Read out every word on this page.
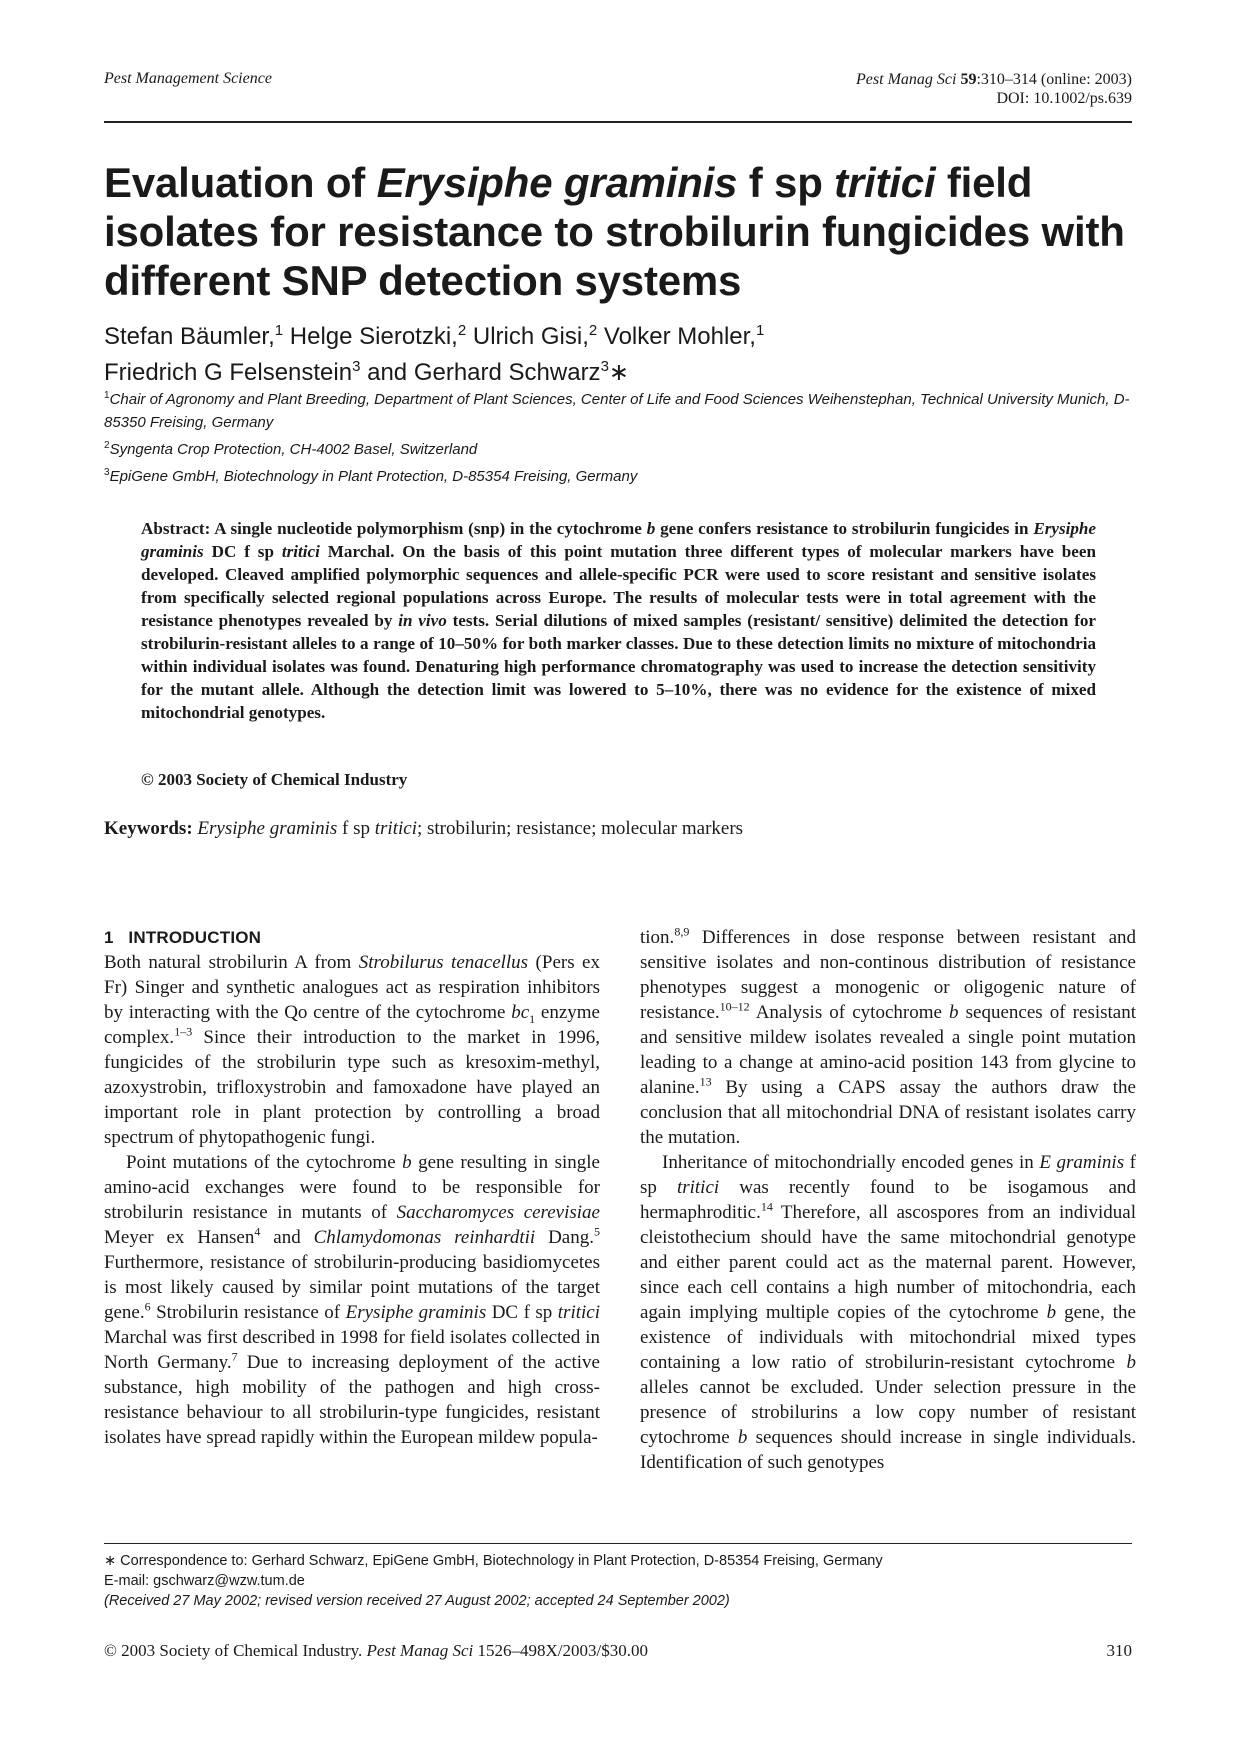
Pest Management Science	Pest Manag Sci 59:310–314 (online: 2003)
DOI: 10.1002/ps.639
Evaluation of Erysiphe graminis f sp tritici field isolates for resistance to strobilurin fungicides with different SNP detection systems
Stefan Bäumler,$^1$ Helge Sierotzki,$^2$ Ulrich Gisi,$^2$ Volker Mohler,$^1$
Friedrich G Felsenstein$^3$ and Gerhard Schwarz$^3$∗
$^1$Chair of Agronomy and Plant Breeding, Department of Plant Sciences, Center of Life and Food Sciences Weihenstephan, Technical University Munich, D-85350 Freising, Germany
$^2$Syngenta Crop Protection, CH-4002 Basel, Switzerland
$^3$EpiGene GmbH, Biotechnology in Plant Protection, D-85354 Freising, Germany

Abstract: A single nucleotide polymorphism (snp) in the cytochrome b gene confers resistance to strobilurin fungicides in Erysiphe graminis DC f sp tritici Marchal. On the basis of this point mutation three different types of molecular markers have been developed. Cleaved amplified polymorphic sequences and allele-specific PCR were used to score resistant and sensitive isolates from specifically selected regional populations across Europe. The results of molecular tests were in total agreement with the resistance phenotypes revealed by in vivo tests. Serial dilutions of mixed samples (resistant/ sensitive) delimited the detection for strobilurin-resistant alleles to a range of 10–50% for both marker classes. Due to these detection limits no mixture of mitochondria within individual isolates was found. Denaturing high performance chromatography was used to increase the detection sensitivity for the mutant allele. Although the detection limit was lowered to 5–10%, there was no evidence for the existence of mixed mitochondrial genotypes.

© 2003 Society of Chemical Industry
Keywords: Erysiphe graminis f sp tritici; strobilurin; resistance; molecular markers
1   INTRODUCTION

Both natural strobilurin A from Strobilurus tenacellus (Pers ex Fr) Singer and synthetic analogues act as respiration inhibitors by interacting with the Qo centre of the cytochrome $bc_1$ enzyme complex.$^{1-3}$ Since their introduction to the market in 1996, fungicides of the strobilurin type such as kresoxim-methyl, azoxystrobin, trifloxystrobin and famoxadone have played an important role in plant protection by controlling a broad spectrum of phytopathogenic fungi.

Point mutations of the cytochrome b gene resulting in single amino-acid exchanges were found to be responsible for strobilurin resistance in mutants of Saccharomyces cerevisiae Meyer ex Hansen$^4$ and Chlamydomonas reinhardtii Dang.$^5$ Furthermore, resistance of strobilurin-producing basidiomycetes is most likely caused by similar point mutations of the target gene.$^6$ Strobilurin resistance of Erysiphe graminis DC f sp tritici Marchal was first described in 1998 for field isolates collected in North Germany.$^7$ Due to increasing deployment of the active substance, high mobility of the pathogen and high cross-resistance behaviour to all strobilurin-type fungicides, resistant isolates have spread rapidly within the European mildew popula-

tion.$^{8,9}$ Differences in dose response between resistant and sensitive isolates and non-continous distribution of resistance phenotypes suggest a monogenic or oligogenic nature of resistance.$^{10-12}$ Analysis of cytochrome b sequences of resistant and sensitive mildew isolates revealed a single point mutation leading to a change at amino-acid position 143 from glycine to alanine.$^{13}$ By using a CAPS assay the authors draw the conclusion that all mitochondrial DNA of resistant isolates carry the mutation.

Inheritance of mitochondrially encoded genes in E graminis f sp tritici was recently found to be isogamous and hermaphroditic.$^{14}$ Therefore, all ascospores from an individual cleistothecium should have the same mitochondrial genotype and either parent could act as the maternal parent. However, since each cell contains a high number of mitochondria, each again implying multiple copies of the cytochrome b gene, the existence of individuals with mitochondrial mixed types containing a low ratio of strobilurin-resistant cytochrome b alleles cannot be excluded. Under selection pressure in the presence of strobilurins a low copy number of resistant cytochrome b sequences should increase in single individuals. Identification of such genotypes

∗ Correspondence to: Gerhard Schwarz, EpiGene GmbH, Biotechnology in Plant Protection, D-85354 Freising, Germany
E-mail: gschwarz@wzw.tum.de
(Received 27 May 2002; revised version received 27 August 2002; accepted 24 September 2002)
© 2003 Society of Chemical Industry. Pest Manag Sci 1526–498X/2003/$30.00	310
